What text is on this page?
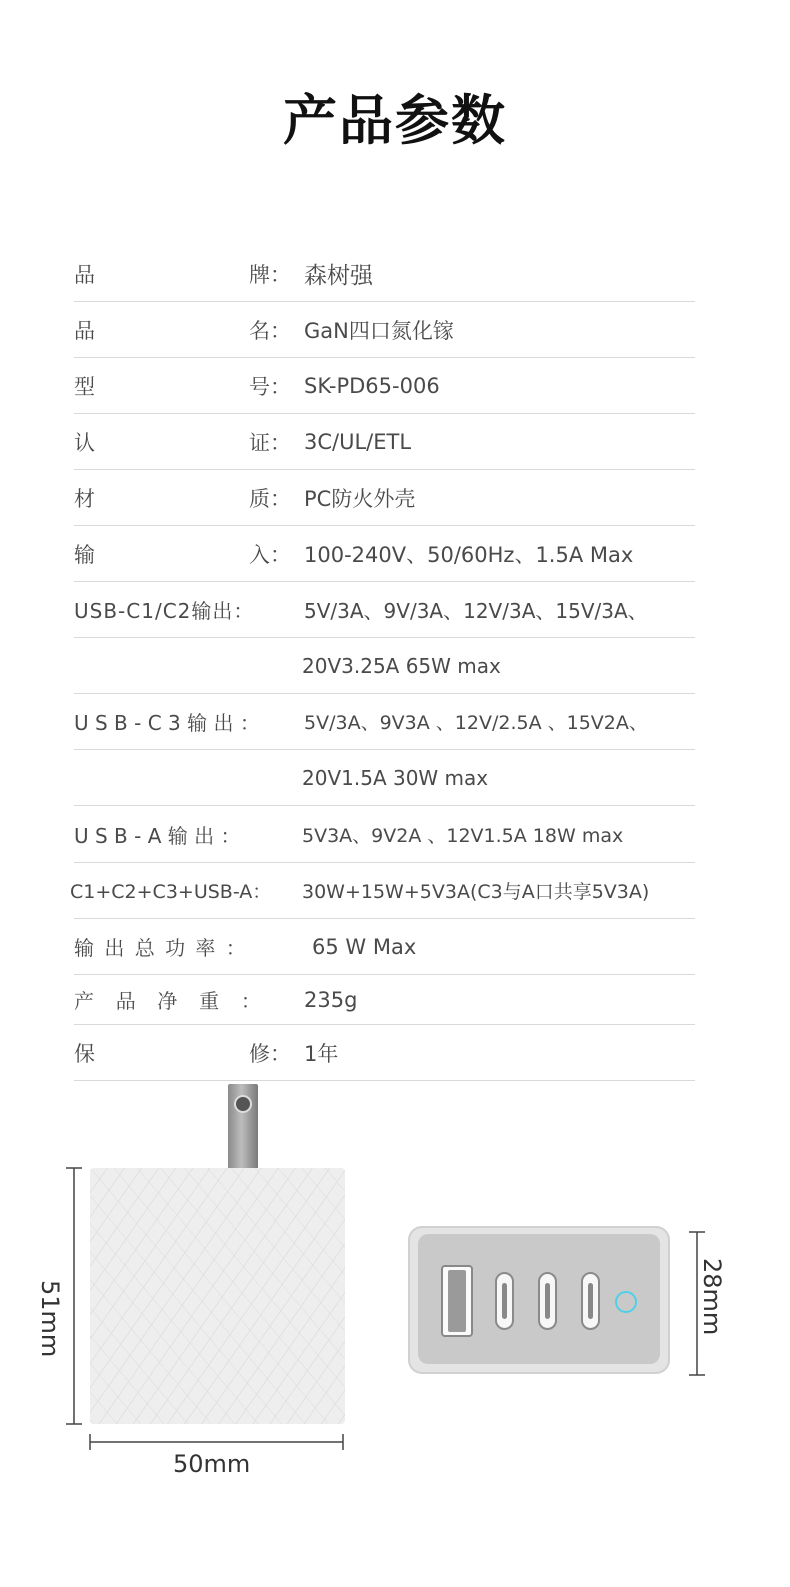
产品参数
品	牌 ： 森树强
品	名 ： GaN四口氮化镓
型	号 ： SK-PD65-006
认	证 ： 3C/UL/ETL
材	质 ： PC防火外壳
输	入 ： 100-240V、50/60Hz、1.5A Max
USB-C1/C2输出： 5V/3A、9V/3A、12V/3A、15V/3A、
20V3.25A 65W max
U S B - C 3 输 出 ： 5V/3A、9V3A 、12V/2.5A 、15V2A、
20V1.5A 30W max
U S B - A 输 出 ：	5V3A、9V2A 、12V1.5A 18W max
C1+C2+C3+USB-A： 30W+15W+5V3A(C3与A口共享5V3A)
输 出 总 功 率 ：	65 W Max
产  品  净  重  ： 235g
保	修 ： 1年
51mm
50mm
28mm
